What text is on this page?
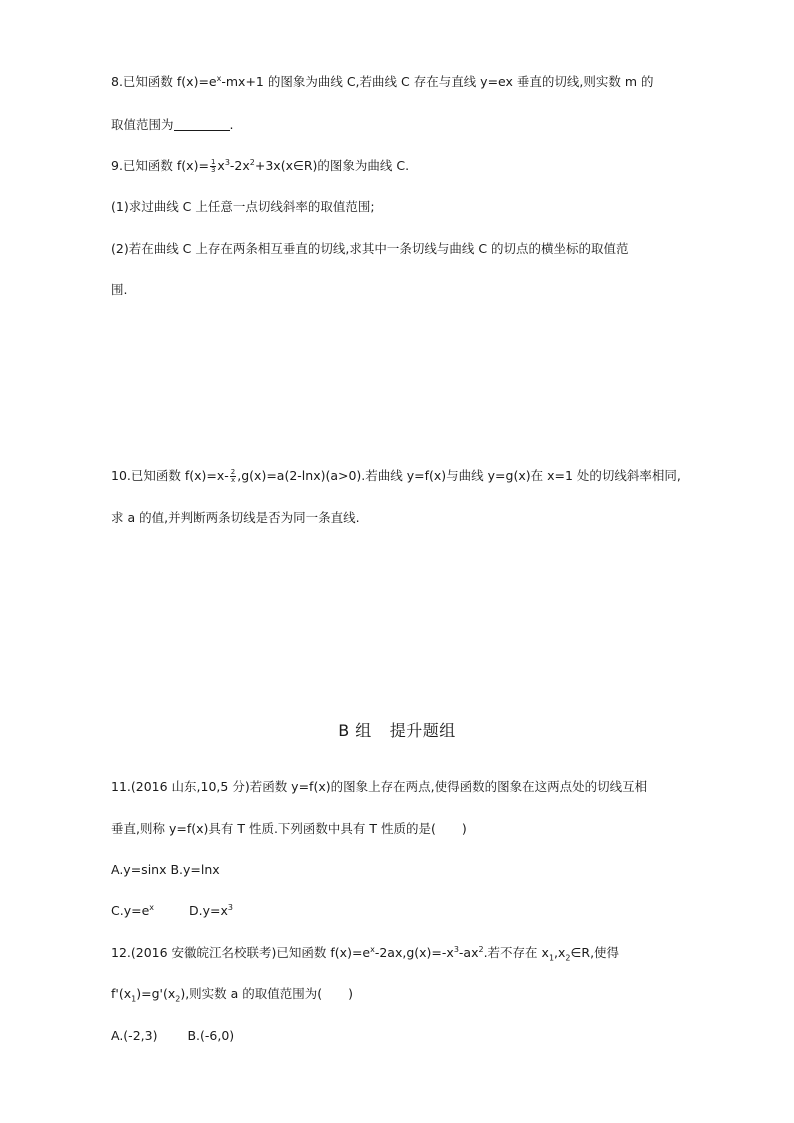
8.已知函数 $f(x)=e^x-mx+1$ 的图象为曲线 C,若曲线 C 存在与直线 y=ex 垂直的切线,则实数 m 的
取值范围为	.
9.已知函数 $f(x)= \frac{1}{3}$ $x^3-2x^2+3x(x\in R)$的图象为曲线 C.
(1)求过曲线 C 上任意一点切线斜率的取值范围;
(2)若在曲线 C 上存在两条相互垂直的切线,求其中一条切线与曲线 C 的切点的横坐标的取值范
围.
10.已知函数 $f(x)=x- \frac{2}{x} ,g(x)=a(2-\ln x)(a>0)$.若曲线 y=f(x)与曲线 y=g(x)在 x=1 处的切线斜率相同,
求 a 的值,并判断两条切线是否为同一条直线.
B 组 提升题组
11.(2016 山东,10,5 分)若函数 y=f(x)的图象上存在两点,使得函数的图象在这两点处的切线互相
垂直,则称 y=f(x)具有 T 性质.下列函数中具有 T 性质的是( )
A.y=sinx B.y=lnx
$C.y=e^x$	$D.y=x^3$
12.(2016 安徽皖江名校联考)已知函数 $f(x)=e^x-2ax,g(x)=-x^3-ax^2$.若不存在 $x_1,x_2\in R$,使得
$f'(x_1)=g'(x_2)$,则实数 a 的取值范围为( )
A.(-2,3) B.(-6,0)
